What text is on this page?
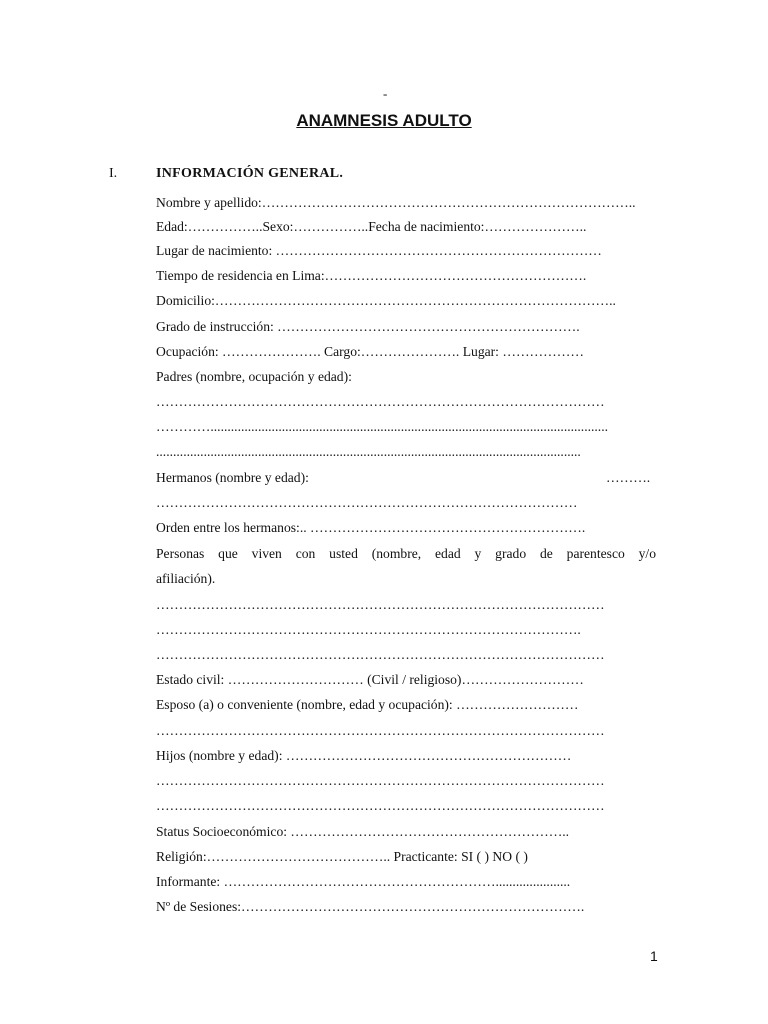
-
ANAMNESIS ADULTO
I.	INFORMACIÓN GENERAL.
Nombre y apellido:………………………………………………………………………..
Edad:……………..Sexo:……………..Fecha de nacimiento:…………………..
Lugar de nacimiento: ………………………………………………………………
Tiempo de residencia en Lima:………………………………………………….
Domicilio:……………………………………………………………………………..
Grado de instrucción: ………………………………………………………….
Ocupación: …………………. Cargo:…………………. Lugar: ………………
Padres (nombre, ocupación y edad):
………………………………………………………………………………………
………….....................................................................................................................
.............................................................................................................................
Hermanos (nombre y edad):	……….
…………………………………………………………………………………
Orden entre los hermanos:.. …………………………………………………….
Personas que viven con usted (nombre, edad y grado de parentesco y/o
afiliación).
………………………………………………………………………………………
………………………………………………………………………………….
………………………………………………………………………………………
Estado civil: ………………………… (Civil / religioso)………………………
Esposo (a) o conveniente (nombre, edad y ocupación): ………………………
………………………………………………………………………………………
Hijos (nombre y edad): ………………………………………………………
………………………………………………………………………………………
………………………………………………………………………………………
Status Socioeconómico: ……………………………………………………..
Religión:………………………………….. Practicante: SI ( ) NO ( )
Informante: ……………………………………………………......................
Nº de Sesiones:………………………………………………………………….
1
